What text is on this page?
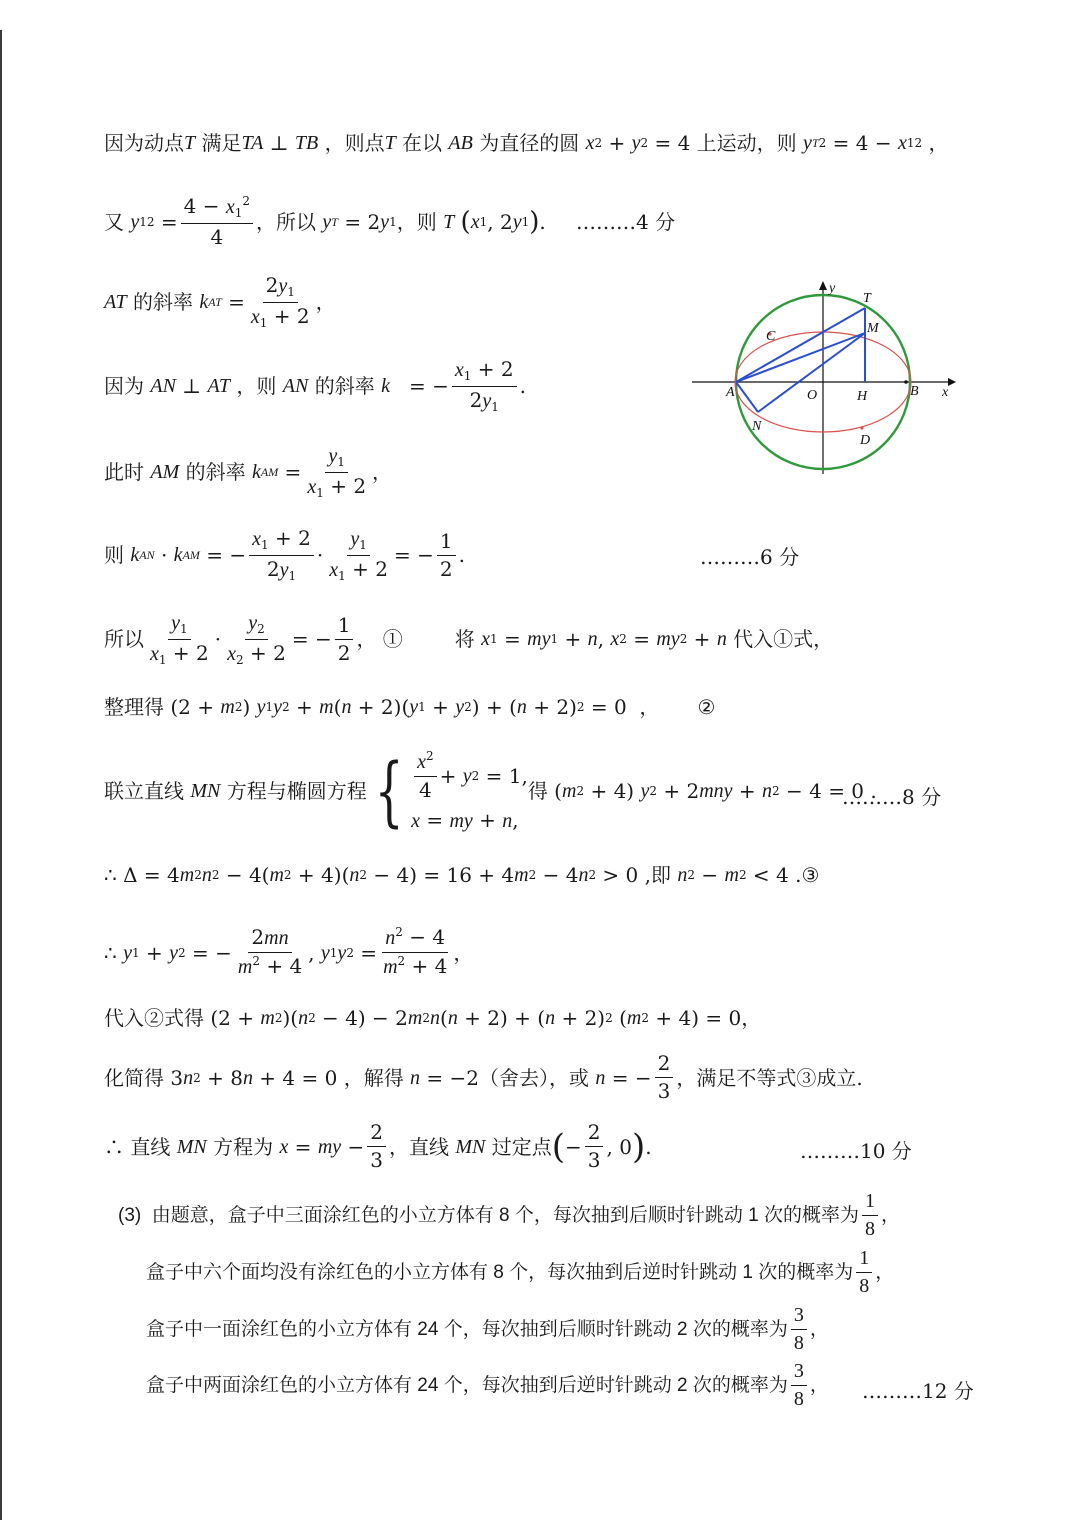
因为动点 T 满足 TA ⊥ TB ，则点 T 在以 AB 为直径的圆 x 2 + y 2 = 4 上运动，则 y T 2 = 4 − x 1 2 ，
又 y 1 $2 = \frac{4 - x_1^2}{4}$ ，所以 y T = 2 y 1 ，则 T
( x 1 , 2 y 1 ) . ………4 分
AT 的斜率 k AT = $\frac{2y_1}{x_1 + 2}$ ，
因为 AN ⊥ AT ，则 AN 的斜率 k = − $\frac{x_1 + 2}{2y_1}$ .
此时 AM 的斜率 k AM = $\frac{y_1}{x_1 + 2}$ ，
则 k AN · k AM = − $\frac{x_1 + 2}{2y_1} \cdot \frac{y_1}{x_1 + 2}$ = − $\frac{1}{2}$ .	………6 分
所以 $\frac{y_1}{x_1 + 2} \cdot \frac{y_2}{x_2 + 2}$ = − $\frac{1}{2}$ ， ①	将 x 1 = my 1 + n , x 2 = my 2 + n 代入①式，
整理得 (2 + m 2 ) y 1 y 2 + m ( n + 2)( y 1 + y 2 ) + ( n + 2) 2 = 0  ， ②
联立直线 MN 方程与椭圆方程 { $\frac{x^2}{4} + y$ 2 = 1,
x = my + n,
得 ( m 2 + 4) y 2 + 2 mny + n 2 − 4 = 0 .
………8 分
∴ Δ = 4 m 2 n 2 − 4( m 2 + 4)( n 2 − 4) = 16 + 4 m 2 − 4 n 2 > 0 ,即 n 2 − m 2 < 4 .③
∴ y 1 + y 2 = − $\frac{2mn}{m^2 + 4}$ , y 1 y $2 = \frac{n^2 - 4}{m^2 + 4}$ ，
代入②式得 (2 + m 2 )( n 2 − 4) − 2 m 2 n ( n + 2) + ( n + 2) 2 ( m 2 + 4) = 0，
化简得 3 n 2 + 8 n + 4 = 0 ，解得 n = −2（舍去），或 n = − $\frac{2}{3}$ ，满足不等式③成立.
∴ 直线 MN 方程为 x = my − $\frac{2}{3}$ ，直线 MN 过定点 ( − $\frac{2}{3}$ , 0 ) .	………10 分
(3)  由题意，盒子中三面涂红色的小立方体有 8 个，每次抽到后顺时针跳动 1 次的概率为 $\frac{1}{8}$ ，
盒子中六个面均没有涂红色的小立方体有 8 个，每次抽到后逆时针跳动 1 次的概率为 $\frac{1}{8}$ ，
盒子中一面涂红色的小立方体有 24 个，每次抽到后顺时针跳动 2 次的概率为 $\frac{3}{8}$ ，
盒子中两面涂红色的小立方体有 24 个，每次抽到后逆时针跳动 2 次的概率为 $\frac{3}{8}$ ， ………12 分
y
x
A	B
C
D
M
N
T
H
O
